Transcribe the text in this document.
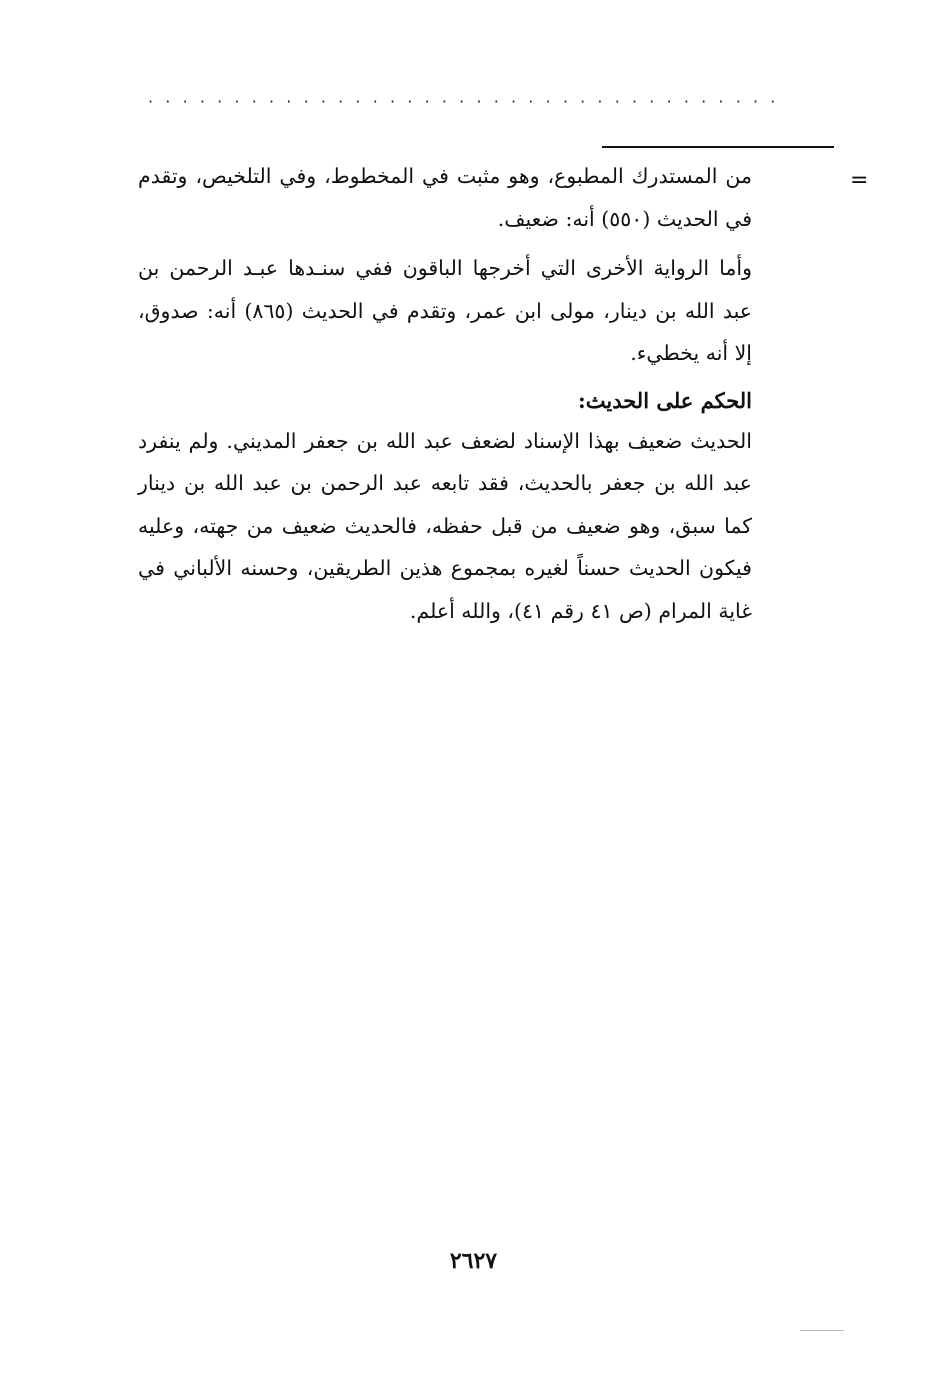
·····································
=

من المستدرك المطبوع، وهو مثبت في المخطوط، وفي التلخيص، وتقدم في الحديث (٥٥٠) أنه: ضعيف.

وأما الرواية الأخرى التي أخرجها الباقون ففي سنـدها عبـد الرحمن بن عبد الله بن دينار، مولى ابن عمر، وتقدم في الحديث (٨٦٥) أنه: صدوق، إلا أنه يخطيء.

الحكم على الحديث:

الحديث ضعيف بهذا الإسناد لضعف عبد الله بن جعفر المديني. ولم ينفرد عبد الله بن جعفر بالحديث، فقد تابعه عبد الرحمن بن عبد الله بن دينار كما سبق، وهو ضعيف من قبل حفظه، فالحديث ضعيف من جهته، وعليه فيكون الحديث حسناً لغيره بمجموع هذين الطريقين، وحسنه الألباني في غاية المرام (ص ٤١ رقم ٤١)، والله أعلم.

٢٦٢٧
